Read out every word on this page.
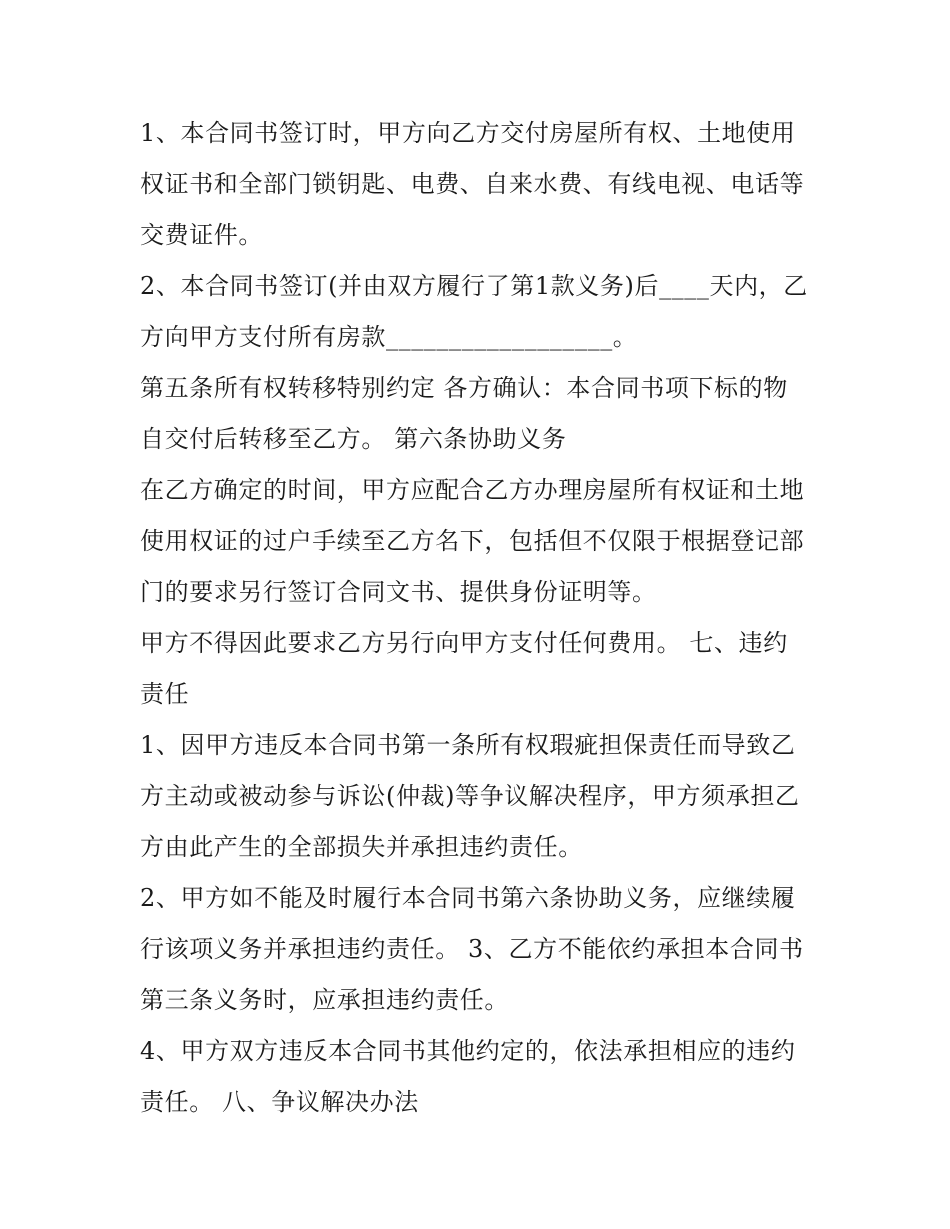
1、本合同书签订时，甲方向乙方交付房屋所有权、土地使用
权证书和全部门锁钥匙、电费、自来水费、有线电视、电话等
交费证件。
2、本合同书签订(并由双方履行了第1款义务)后____天内，乙
方向甲方支付所有房款__________________。
第五条所有权转移特别约定 各方确认：本合同书项下标的物
自交付后转移至乙方。 第六条协助义务
在乙方确定的时间，甲方应配合乙方办理房屋所有权证和土地
使用权证的过户手续至乙方名下，包括但不仅限于根据登记部
门的要求另行签订合同文书、提供身份证明等。
甲方不得因此要求乙方另行向甲方支付任何费用。 七、违约
责任
1、因甲方违反本合同书第一条所有权瑕疵担保责任而导致乙
方主动或被动参与诉讼(仲裁)等争议解决程序，甲方须承担乙
方由此产生的全部损失并承担违约责任。
2、甲方如不能及时履行本合同书第六条协助义务，应继续履
行该项义务并承担违约责任。 3、乙方不能依约承担本合同书
第三条义务时，应承担违约责任。
4、甲方双方违反本合同书其他约定的，依法承担相应的违约
责任。 八、争议解决办法
